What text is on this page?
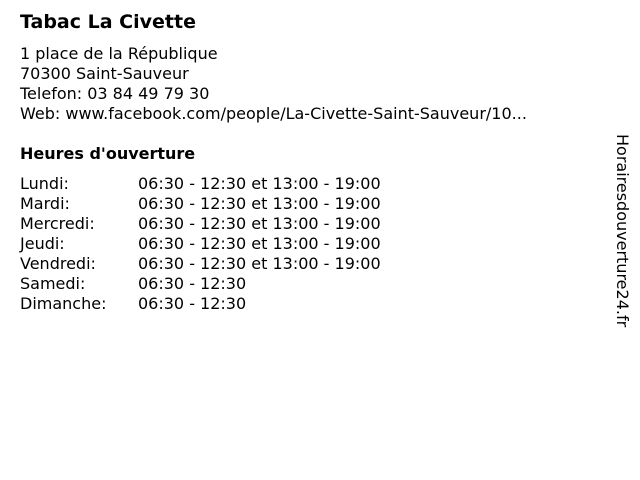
Tabac La Civette
1 place de la République
70300 Saint-Sauveur
Telefon: 03 84 49 79 30
Web: www.facebook.com/people/La-Civette-Saint-Sauveur/10...
Heures d'ouverture
Lundi:	06:30 - 12:30 et 13:00 - 19:00
Mardi:	06:30 - 12:30 et 13:00 - 19:00
Mercredi:	06:30 - 12:30 et 13:00 - 19:00
Jeudi:	06:30 - 12:30 et 13:00 - 19:00
Vendredi:	06:30 - 12:30 et 13:00 - 19:00
Samedi:	06:30 - 12:30
Dimanche:	06:30 - 12:30	Horairesdouverture24.fr
